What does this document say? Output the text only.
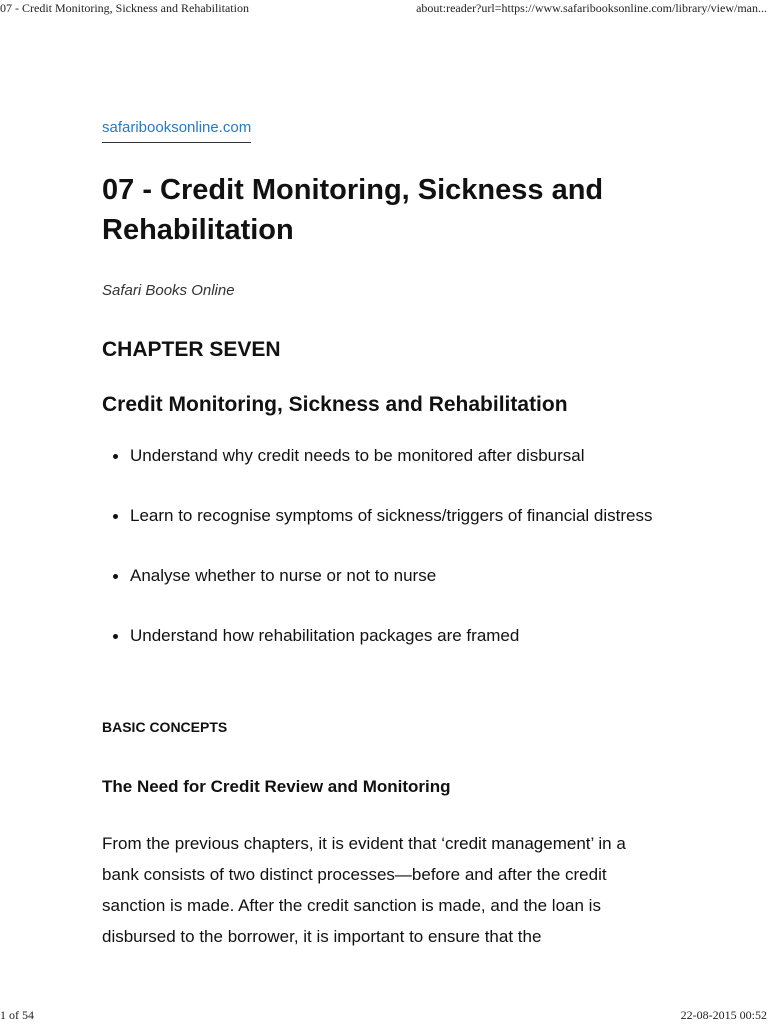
07 - Credit Monitoring, Sickness and Rehabilitation	about:reader?url=https://www.safaribooksonline.com/library/view/man...
safaribooksonline.com
07 - Credit Monitoring, Sickness and Rehabilitation
Safari Books Online
CHAPTER SEVEN
Credit Monitoring, Sickness and Rehabilitation
Understand why credit needs to be monitored after disbursal
Learn to recognise symptoms of sickness/triggers of financial distress
Analyse whether to nurse or not to nurse
Understand how rehabilitation packages are framed
BASIC CONCEPTS
The Need for Credit Review and Monitoring

From the previous chapters, it is evident that ‘credit management’ in a bank consists of two distinct processes—before and after the credit sanction is made. After the credit sanction is made, and the loan is disbursed to the borrower, it is important to ensure that the

1 of 54	22-08-2015 00:52
